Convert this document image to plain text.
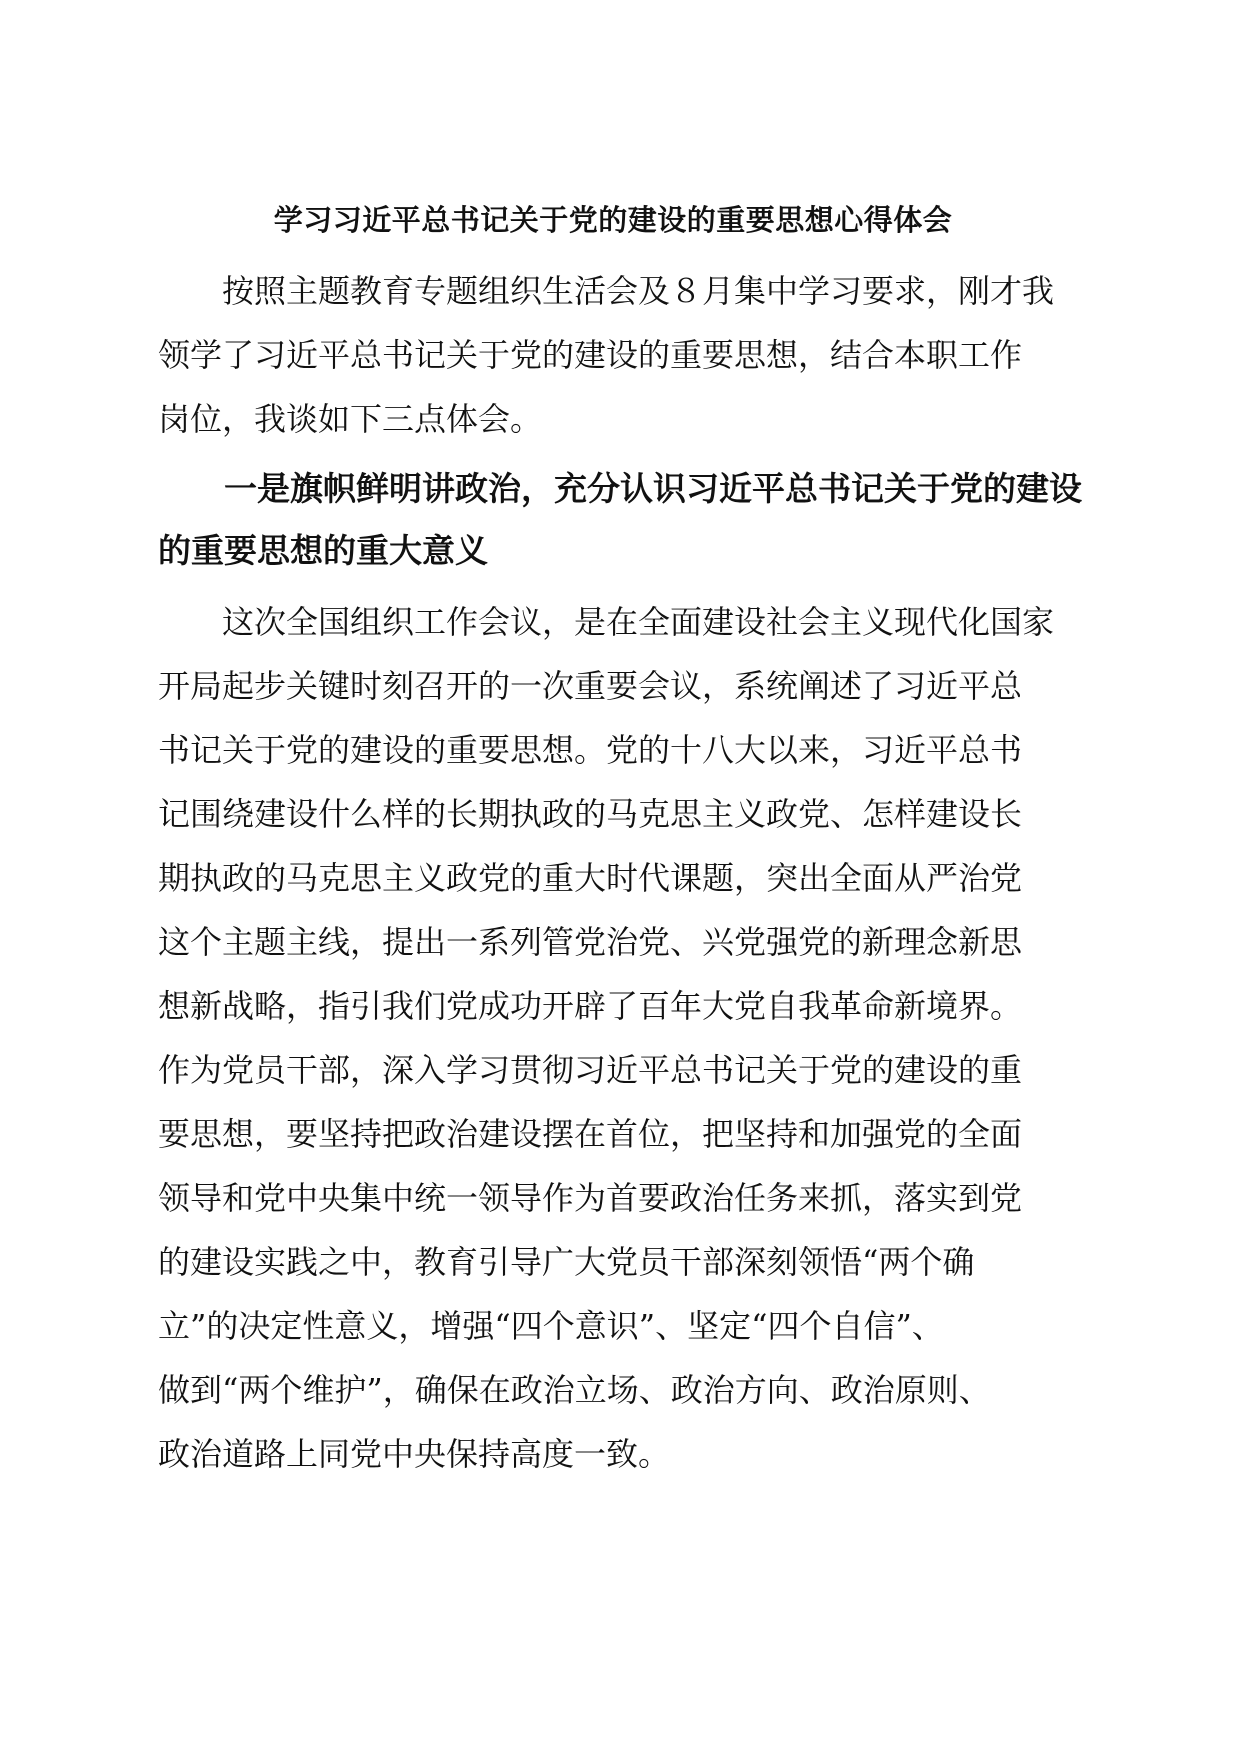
学习习近平总书记关于党的建设的重要思想心得体会
　　按照主题教育专题组织生活会及８月集中学习要求，刚才我
领学了习近平总书记关于党的建设的重要思想，结合本职工作
岗位，我谈如下三点体会。
　　一是旗帜鲜明讲政治，充分认识习近平总书记关于党的建设
的重要思想的重大意义
　　这次全国组织工作会议，是在全面建设社会主义现代化国家
开局起步关键时刻召开的一次重要会议，系统阐述了习近平总
书记关于党的建设的重要思想。党的十八大以来，习近平总书
记围绕建设什么样的长期执政的马克思主义政党、怎样建设长
期执政的马克思主义政党的重大时代课题，突出全面从严治党
这个主题主线，提出一系列管党治党、兴党强党的新理念新思
想新战略，指引我们党成功开辟了百年大党自我革命新境界。
作为党员干部，深入学习贯彻习近平总书记关于党的建设的重
要思想，要坚持把政治建设摆在首位，把坚持和加强党的全面
领导和党中央集中统一领导作为首要政治任务来抓，落实到党
的建设实践之中，教育引导广大党员干部深刻领悟“两个确
立”的决定性意义，增强“四个意识”、坚定“四个自信”、
做到“两个维护”，确保在政治立场、政治方向、政治原则、
政治道路上同党中央保持高度一致。
